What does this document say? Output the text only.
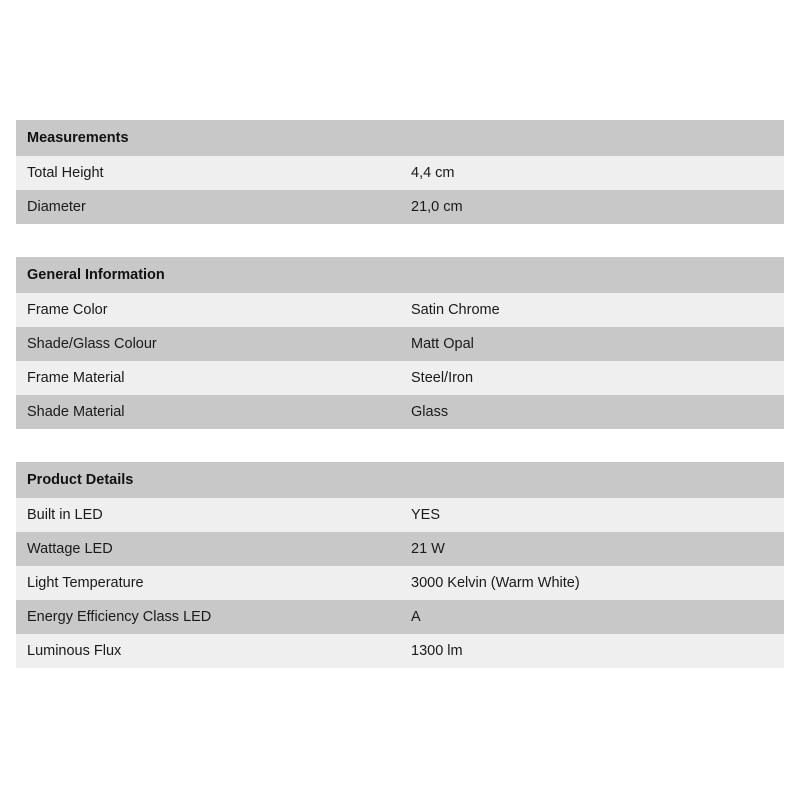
Measurements	
Total Height	4,4 cm
Diameter	21,0 cm
General Information	
Frame Color	Satin Chrome
Shade/Glass Colour	Matt Opal
Frame Material	Steel/Iron
Shade Material	Glass
Product Details	
Built in LED	YES
Wattage LED	21 W
Light Temperature	3000 Kelvin (Warm White)
Energy Efficiency Class LED	A
Luminous Flux	1300 lm
